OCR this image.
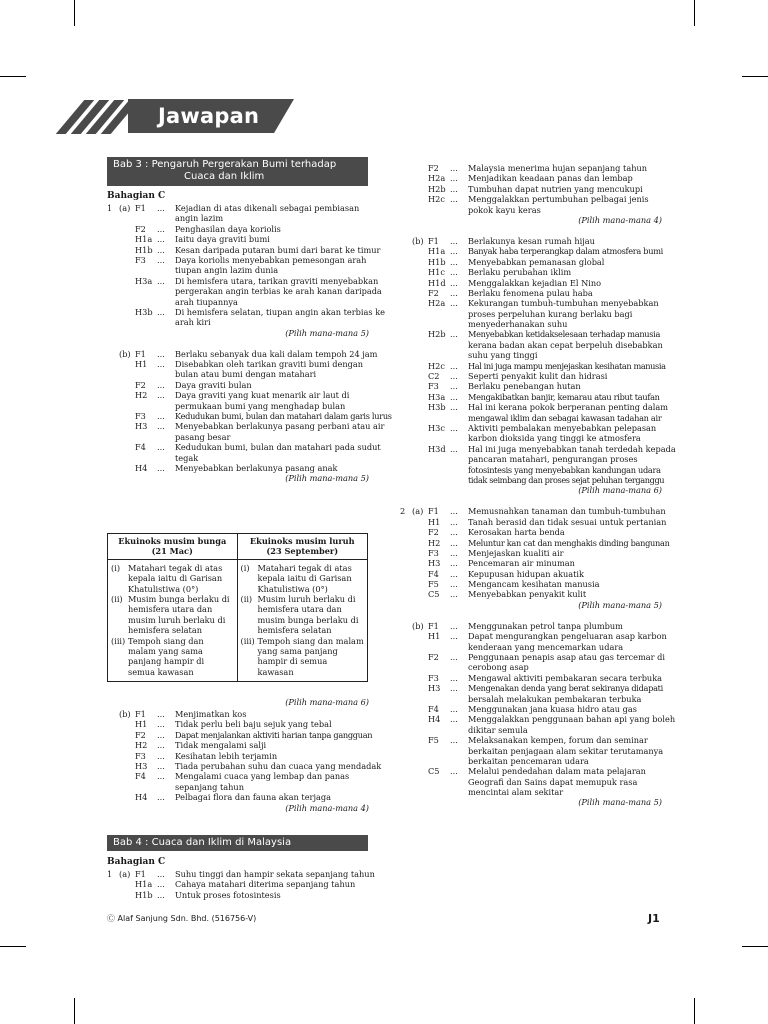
Jawapan
Bab 3 : Pengaruh Pergerakan Bumi terhadap
Cuaca dan Iklim
Bahagian C
1 (a) F1 ... Kejadian di atas dikenali sebagai pembiasan
angin lazim
F2 ... Penghasilan daya koriolis
H1a ... Iaitu daya graviti bumi
H1b ... Kesan daripada putaran bumi dari barat ke timur
F3 ... Daya koriolis menyebabkan pemesongan arah
tiupan angin lazim dunia
H3a ... Di hemisfera utara, tarikan graviti menyebabkan
pergerakan angin terbias ke arah kanan daripada
arah tiupannya
H3b ... Di hemisfera selatan, tiupan angin akan terbias ke
arah kiri
(Pilih mana-mana 5)
(b) F1 ... Berlaku sebanyak dua kali dalam tempoh 24 jam
H1 ... Disebabkan oleh tarikan graviti bumi dengan
bulan atau bumi dengan matahari
F2 ... Daya graviti bulan
H2 ... Daya graviti yang kuat menarik air laut di
permukaan bumi yang menghadap bulan
F3 ... Kedudukan bumi, bulan dan matahari dalam garis lurus
H3 ... Menyebabkan berlakunya pasang perbani atau air
pasang besar
F4 ... Kedudukan bumi, bulan dan matahari pada sudut
tegak
H4 ... Menyebabkan berlakunya pasang anak
(Pilih mana-mana 5)
Ekuinoks musim bunga
(21 Mac)
Ekuinoks musim luruh
(23 September)
(i) Matahari tegak di atas kepala iaitu di Garisan Khatulistiwa (0°)
(ii) Musim bunga berlaku di hemisfera utara dan musim luruh berlaku di hemisfera selatan
(iii) Tempoh siang dan malam yang sama panjang hampir di semua kawasan
(i) Matahari tegak di atas kepala iaitu di Garisan Khatulistiwa (0°)
(ii) Musim luruh berlaku di hemisfera utara dan musim bunga berlaku di hemisfera selatan
(iii) Tempoh siang dan malam yang sama panjang hampir di semua kawasan
(Pilih mana-mana 6)
(b) F1 ... Menjimatkan kos
H1 ... Tidak perlu beli baju sejuk yang tebal
F2 ... Dapat menjalankan aktiviti harian tanpa gangguan
H2 ... Tidak mengalami salji
F3 ... Kesihatan lebih terjamin
H3 ... Tiada perubahan suhu dan cuaca yang mendadak
F4 ... Mengalami cuaca yang lembap dan panas
sepanjang tahun
H4 ... Pelbagai flora dan fauna akan terjaga
(Pilih mana-mana 4)
Bab 4 : Cuaca dan Iklim di Malaysia
Bahagian C
1 (a) F1 ... Suhu tinggi dan hampir sekata sepanjang tahun
H1a ... Cahaya matahari diterima sepanjang tahun
H1b ... Untuk proses fotosintesis
F2 ... Malaysia menerima hujan sepanjang tahun
H2a ... Menjadikan keadaan panas dan lembap
H2b ... Tumbuhan dapat nutrien yang mencukupi
H2c ... Menggalakkan pertumbuhan pelbagai jenis
pokok kayu keras
(Pilih mana-mana 4)
(b) F1 ... Berlakunya kesan rumah hijau
H1a ... Banyak haba terperangkap dalam atmosfera bumi
H1b ... Menyebabkan pemanasan global
H1c ... Berlaku perubahan iklim
H1d ... Menggalakkan kejadian El Nino
F2 ... Berlaku fenomena pulau haba
H2a ... Kekurangan tumbuh-tumbuhan menyebabkan
proses perpeluhan kurang berlaku bagi
menyederhanakan suhu
H2b ... Menyebabkan ketidakselesaan terhadap manusia
kerana badan akan cepat berpeluh disebabkan
suhu yang tinggi
H2c ... Hal ini juga mampu menjejaskan kesihatan manusia
C2 ... Seperti penyakit kulit dan hidrasi
F3 ... Berlaku penebangan hutan
H3a ... Mengakibatkan banjir, kemarau atau ribut taufan
H3b ... Hal ini kerana pokok berperanan penting dalam
mengawal iklim dan sebagai kawasan tadahan air
H3c ... Aktiviti pembalakan menyebabkan pelepasan
karbon dioksida yang tinggi ke atmosfera
H3d ... Hal ini juga menyebabkan tanah terdedah kepada
pancaran matahari, pengurangan proses
fotosintesis yang menyebabkan kandungan udara
tidak seimbang dan proses sejat peluhan terganggu
(Pilih mana-mana 6)
2 (a) F1 ... Memusnahkan tanaman dan tumbuh-tumbuhan
H1 ... Tanah berasid dan tidak sesuai untuk pertanian
F2 ... Kerosakan harta benda
H2 ... Meluntur kan cat dan menghakis dinding bangunan
F3 ... Menjejaskan kualiti air
H3 ... Pencemaran air minuman
F4 ... Kepupusan hidupan akuatik
F5 ... Mengancam kesihatan manusia
C5 ... Menyebabkan penyakit kulit
(Pilih mana-mana 5)
(b) F1 ... Menggunakan petrol tanpa plumbum
H1 ... Dapat mengurangkan pengeluaran asap karbon
kenderaan yang mencemarkan udara
F2 ... Penggunaan penapis asap atau gas tercemar di
cerobong asap
F3 ... Mengawal aktiviti pembakaran secara terbuka
H3 ... Mengenakan denda yang berat sekiranya didapati
bersalah melakukan pembakaran terbuka
F4 ... Menggunakan jana kuasa hidro atau gas
H4 ... Menggalakkan penggunaan bahan api yang boleh
dikitar semula
F5 ... Melaksanakan kempen, forum dan seminar
berkaitan penjagaan alam sekitar terutamanya
berkaitan pencemaran udara
C5 ... Melalui pendedahan dalam mata pelajaran
Geografi dan Sains dapat memupuk rasa
mencintai alam sekitar
(Pilih mana-mana 5)
Ⓒ Alaf Sanjung Sdn. Bhd. (516756-V)	J1
